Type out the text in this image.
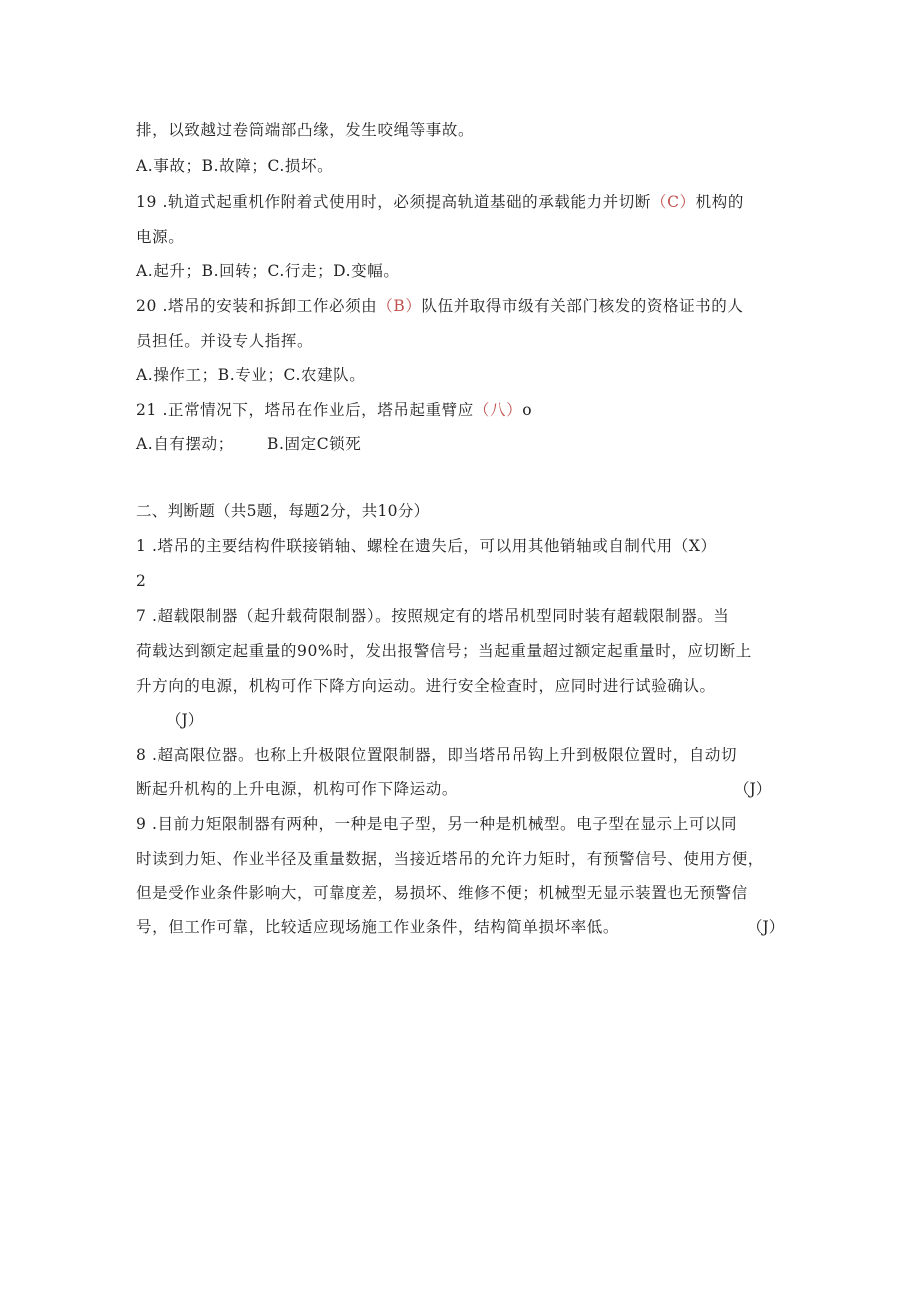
排，以致越过卷筒端部凸缘，发生咬绳等事故。
A.事故；B.故障；C.损坏。
19 .轨道式起重机作附着式使用时，必须提高轨道基础的承载能力并切断（C）机构的
电源。
A.起升；B.回转；C.行走；D.变幅。
20 .塔吊的安装和拆卸工作必须由（B）队伍并取得市级有关部门核发的资格证书的人
员担任。并设专人指挥。
A.操作工；B.专业；C.农建队。
21 .正常情况下，塔吊在作业后，塔吊起重臂应（八）o
A.自有摆动；      B.固定C锁死
二、判断题（共5题，每题2分，共10分）
1 .塔吊的主要结构件联接销轴、螺栓在遗失后，可以用其他销轴或自制代用（X）
2
7 .超载限制器（起升载荷限制器）。按照规定有的塔吊机型同时装有超载限制器。当
荷载达到额定起重量的90%时，发出报警信号；当起重量超过额定起重量时，应切断上
升方向的电源，机构可作下降方向运动。进行安全检查时，应同时进行试验确认。
（J）
8 .超高限位器。也称上升极限位置限制器，即当塔吊吊钩上升到极限位置时，自动切
断起升机构的上升电源，机构可作下降运动。	（J）
9 .目前力矩限制器有两种，一种是电子型，另一种是机械型。电子型在显示上可以同
时读到力矩、作业半径及重量数据，当接近塔吊的允许力矩时，有预警信号、使用方便，
但是受作业条件影响大，可靠度差，易损坏、维修不便；机械型无显示装置也无预警信
号，但工作可靠，比较适应现场施工作业条件，结构简单损坏率低。	（J）
